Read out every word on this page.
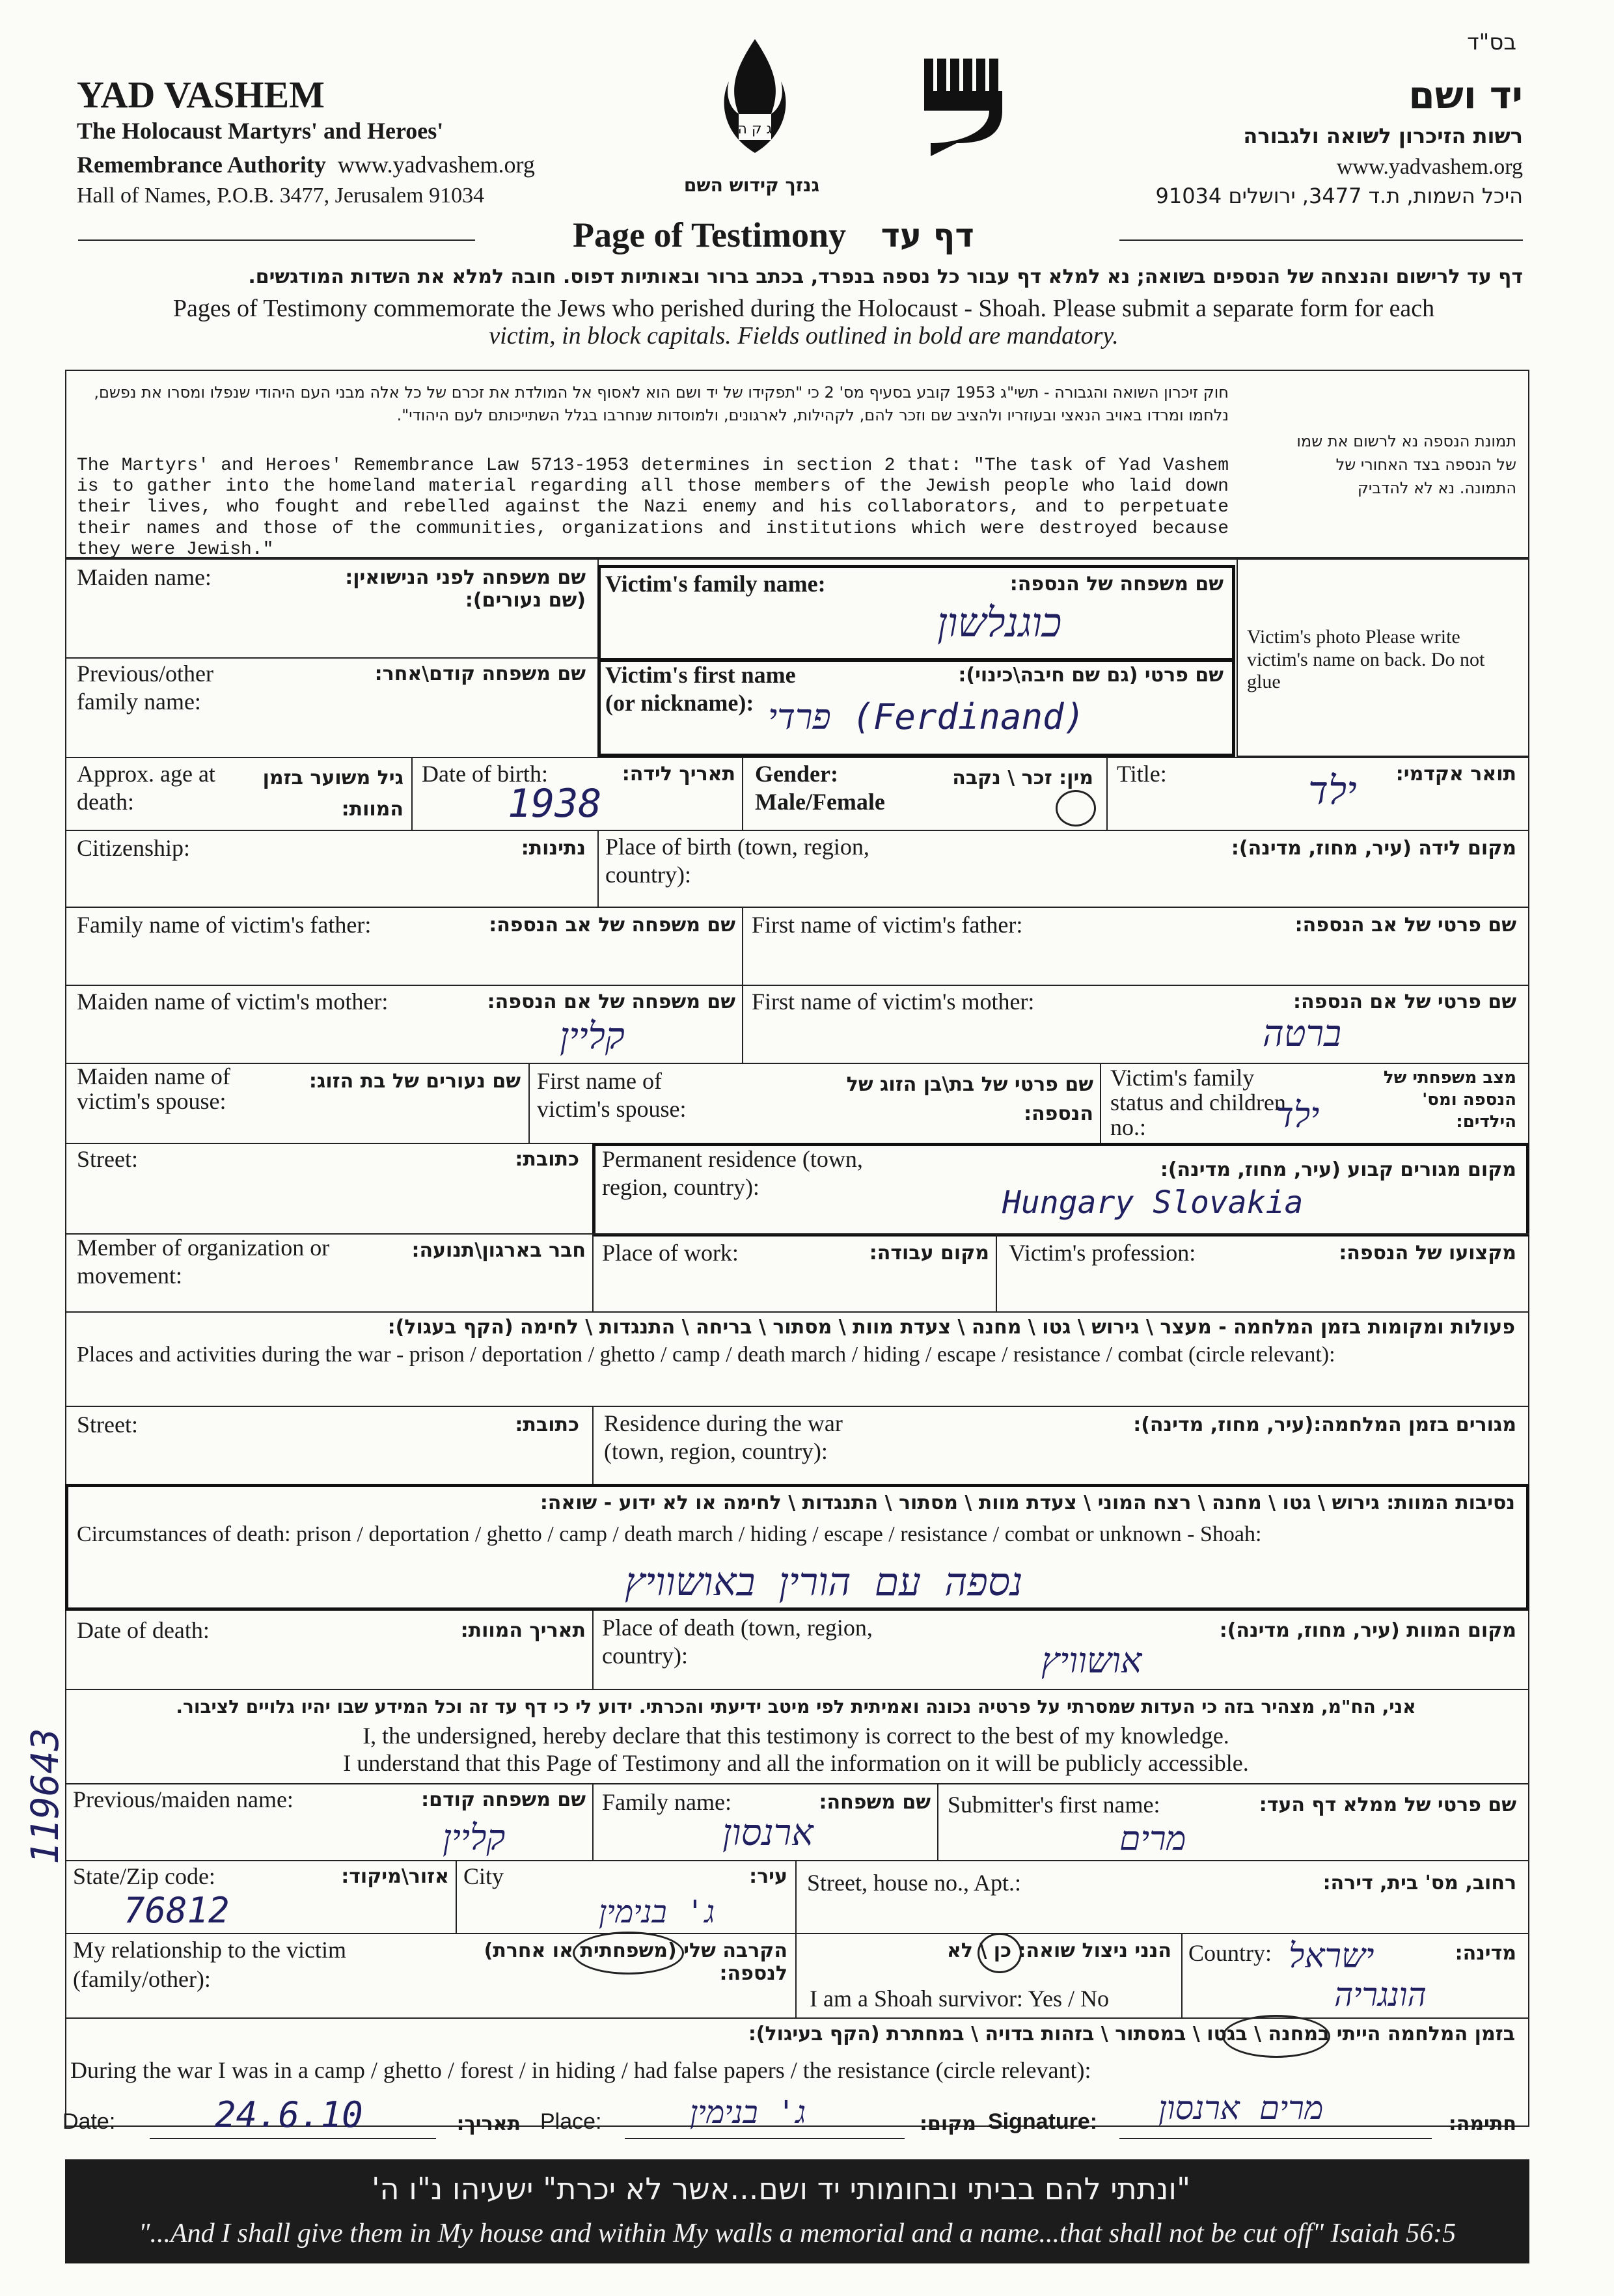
בס"ד
YAD VASHEM
The Holocaust Martyrs' and Heroes'
Remembrance Authority www.yadvashem.org
Hall of Names, P.O.B. 3477, Jerusalem 91034
ג ק ה
גנזך קידוש השם
יד ושם
רשות הזיכרון לשואה ולגבורה
www.yadvashem.org
היכל השמות, ת.ד 3477, ירושלים 91034
Page of Testimony דף עד
דף עד לרישום והנצחה של הנספים בשואה; נא למלא דף עבור כל נספה בנפרד, בכתב ברור ובאותיות דפוס. חובה למלא את השדות המודגשים.
Pages of Testimony commemorate the Jews who perished during the Holocaust - Shoah. Please submit a separate form for each
victim, in block capitals. Fields outlined in bold are mandatory.
חוק זיכרון השואה והגבורה - תשי"ג 1953 קובע בסעיף מס' 2 כי "תפקידו של יד ושם הוא לאסוף אל המולדת את זכרם של כל אלה מבני העם היהודי שנפלו ומסרו את נפשם, נלחמו ומרדו באויב הנאצי ובעוזריו ולהציב שם וזכר להם, לקהילות, לארגונים, ולמוסדות שנחרבו בגלל השתייכותם לעם היהודי".
The Martyrs' and Heroes' Remembrance Law 5713-1953 determines in section 2 that: "The task of Yad Vashem is to gather into the homeland material regarding all those members of the Jewish people who laid down their lives, who fought and rebelled against the Nazi enemy and his collaborators, and to perpetuate their names and those of the communities, organizations and institutions which were destroyed because they were Jewish."
תמונת הנספה נא לרשום את שמו של הנספה בצד האחורי של התמונה. נא לא להדביק
Victim's photo Please write victim's name on back. Do not glue
Maiden name:	שם משפחה לפני הנישואין: (שם נעורים):
Previous/other family name:
שם משפחה קודם\אחר:
Victim's family name:	שם משפחה של הנספה:
כוגנלשון
Victim's first name (or nickname):
שם פרטי (גם שם חיבה\כינוי):
פרדי (Ferdinand)
Approx. age at death:
גיל משוער בזמן המוות:
Date of birth:	תאריך לידה:
1938
Gender: Male/Female
מין: זכר \ נקבה Title:	תואר אקדמי:
ילד
Citizenship:	נתינות: Place of birth (town, region, country):
מקום לידה (עיר, מחוז, מדינה):
Family name of victim's father:	שם משפחה של אב הנספה: First name of victim's father:	שם פרטי של אב הנספה:
Maiden name of victim's mother:	שם משפחה של אם הנספה:
קליין
First name of victim's mother:	שם פרטי של אם הנספה:
ברטה
Maiden name of victim's spouse:
שם נעורים של בת הזוג: First name of victim's spouse:
שם פרטי של בת\בן הזוג של הנספה:
Victim's family status and children no.:
מצב משפחתי של הנספה ומס' הילדים:
ילד
Street:	כתובת: Permanent residence (town, region, country):
מקום מגורים קבוע (עיר, מחוז, מדינה):
Hungary Slovakia
Member of organization or movement:
חבר בארגון\תנועה: Place of work:	מקום עבודה: Victim's profession:	מקצועו של הנספה:
פעולות ומקומות בזמן המלחמה - מעצר \ גירוש \ גטו \ מחנה \ צעדת מוות \ מסתור \ בריחה \ התנגדות \ לחימה (הקף בעגול):
Places and activities during the war - prison / deportation / ghetto / camp / death march / hiding / escape / resistance / combat (circle relevant):
Street:	כתובת: Residence during the war (town, region, country):
מגורים בזמן המלחמה:(עיר, מחוז, מדינה):
נסיבות המוות: גירוש \ גטו \ מחנה \ רצח המוני \ צעדת מוות \ מסתור \ התנגדות \ לחימה או לא ידוע - שואה:
Circumstances of death: prison / deportation / ghetto / camp / death march / hiding / escape / resistance / combat or unknown - Shoah:
נספה עם הורין באושוויץ
Date of death:	תאריך המוות: Place of death (town, region, country):
מקום המוות (עיר, מחוז, מדינה):
אושוויץ
אני, הח"מ, מצהיר בזה כי העדות שמסרתי על פרטיה נכונה ואמיתית לפי מיטב ידיעתי והכרתי. ידוע לי כי דף עד זה וכל המידע שבו יהיו גלויים לציבור.
I, the undersigned, hereby declare that this testimony is correct to the best of my knowledge.
I understand that this Page of Testimony and all the information on it will be publicly accessible.
Previous/maiden name:	שם משפחה קודם:
קליין
Family name:	שם משפחה:
ארנסון
Submitter's first name:	שם פרטי של ממלא דף העד:
מרים
State/Zip code:	אזור\מיקוד:
76812
City	עיר:
ג' בנימין
Street, house no., Apt.:	רחוב, מס' בית, דירה:
My relationship to the victim (family/other):
הקרבה שלי (משפחתית או אחרת) לנספה:
הנני ניצול שואה: כן \ לא
I am a Shoah survivor: Yes / No
Country:	מדינה:
ישראל
הונגריה
בזמן המלחמה הייתי במחנה \ בגטו \ במסתור \ בזהות בדויה \ במחתרת (הקף בעיגול):
During the war I was in a camp / ghetto / forest / in hiding / had false papers / the resistance (circle relevant):
Date:	24.6.10	תאריך: Place:	ג' בנימין	מקום: Signature: מרים ארנסון	חתימה:
119643
"ונתתי להם בביתי ובחומותי יד ושם...אשר לא יכרת" ישעיהו נ"ו ה'
"...And I shall give them in My house and within My walls a memorial and a name...that shall not be cut off" Isaiah 56:5
